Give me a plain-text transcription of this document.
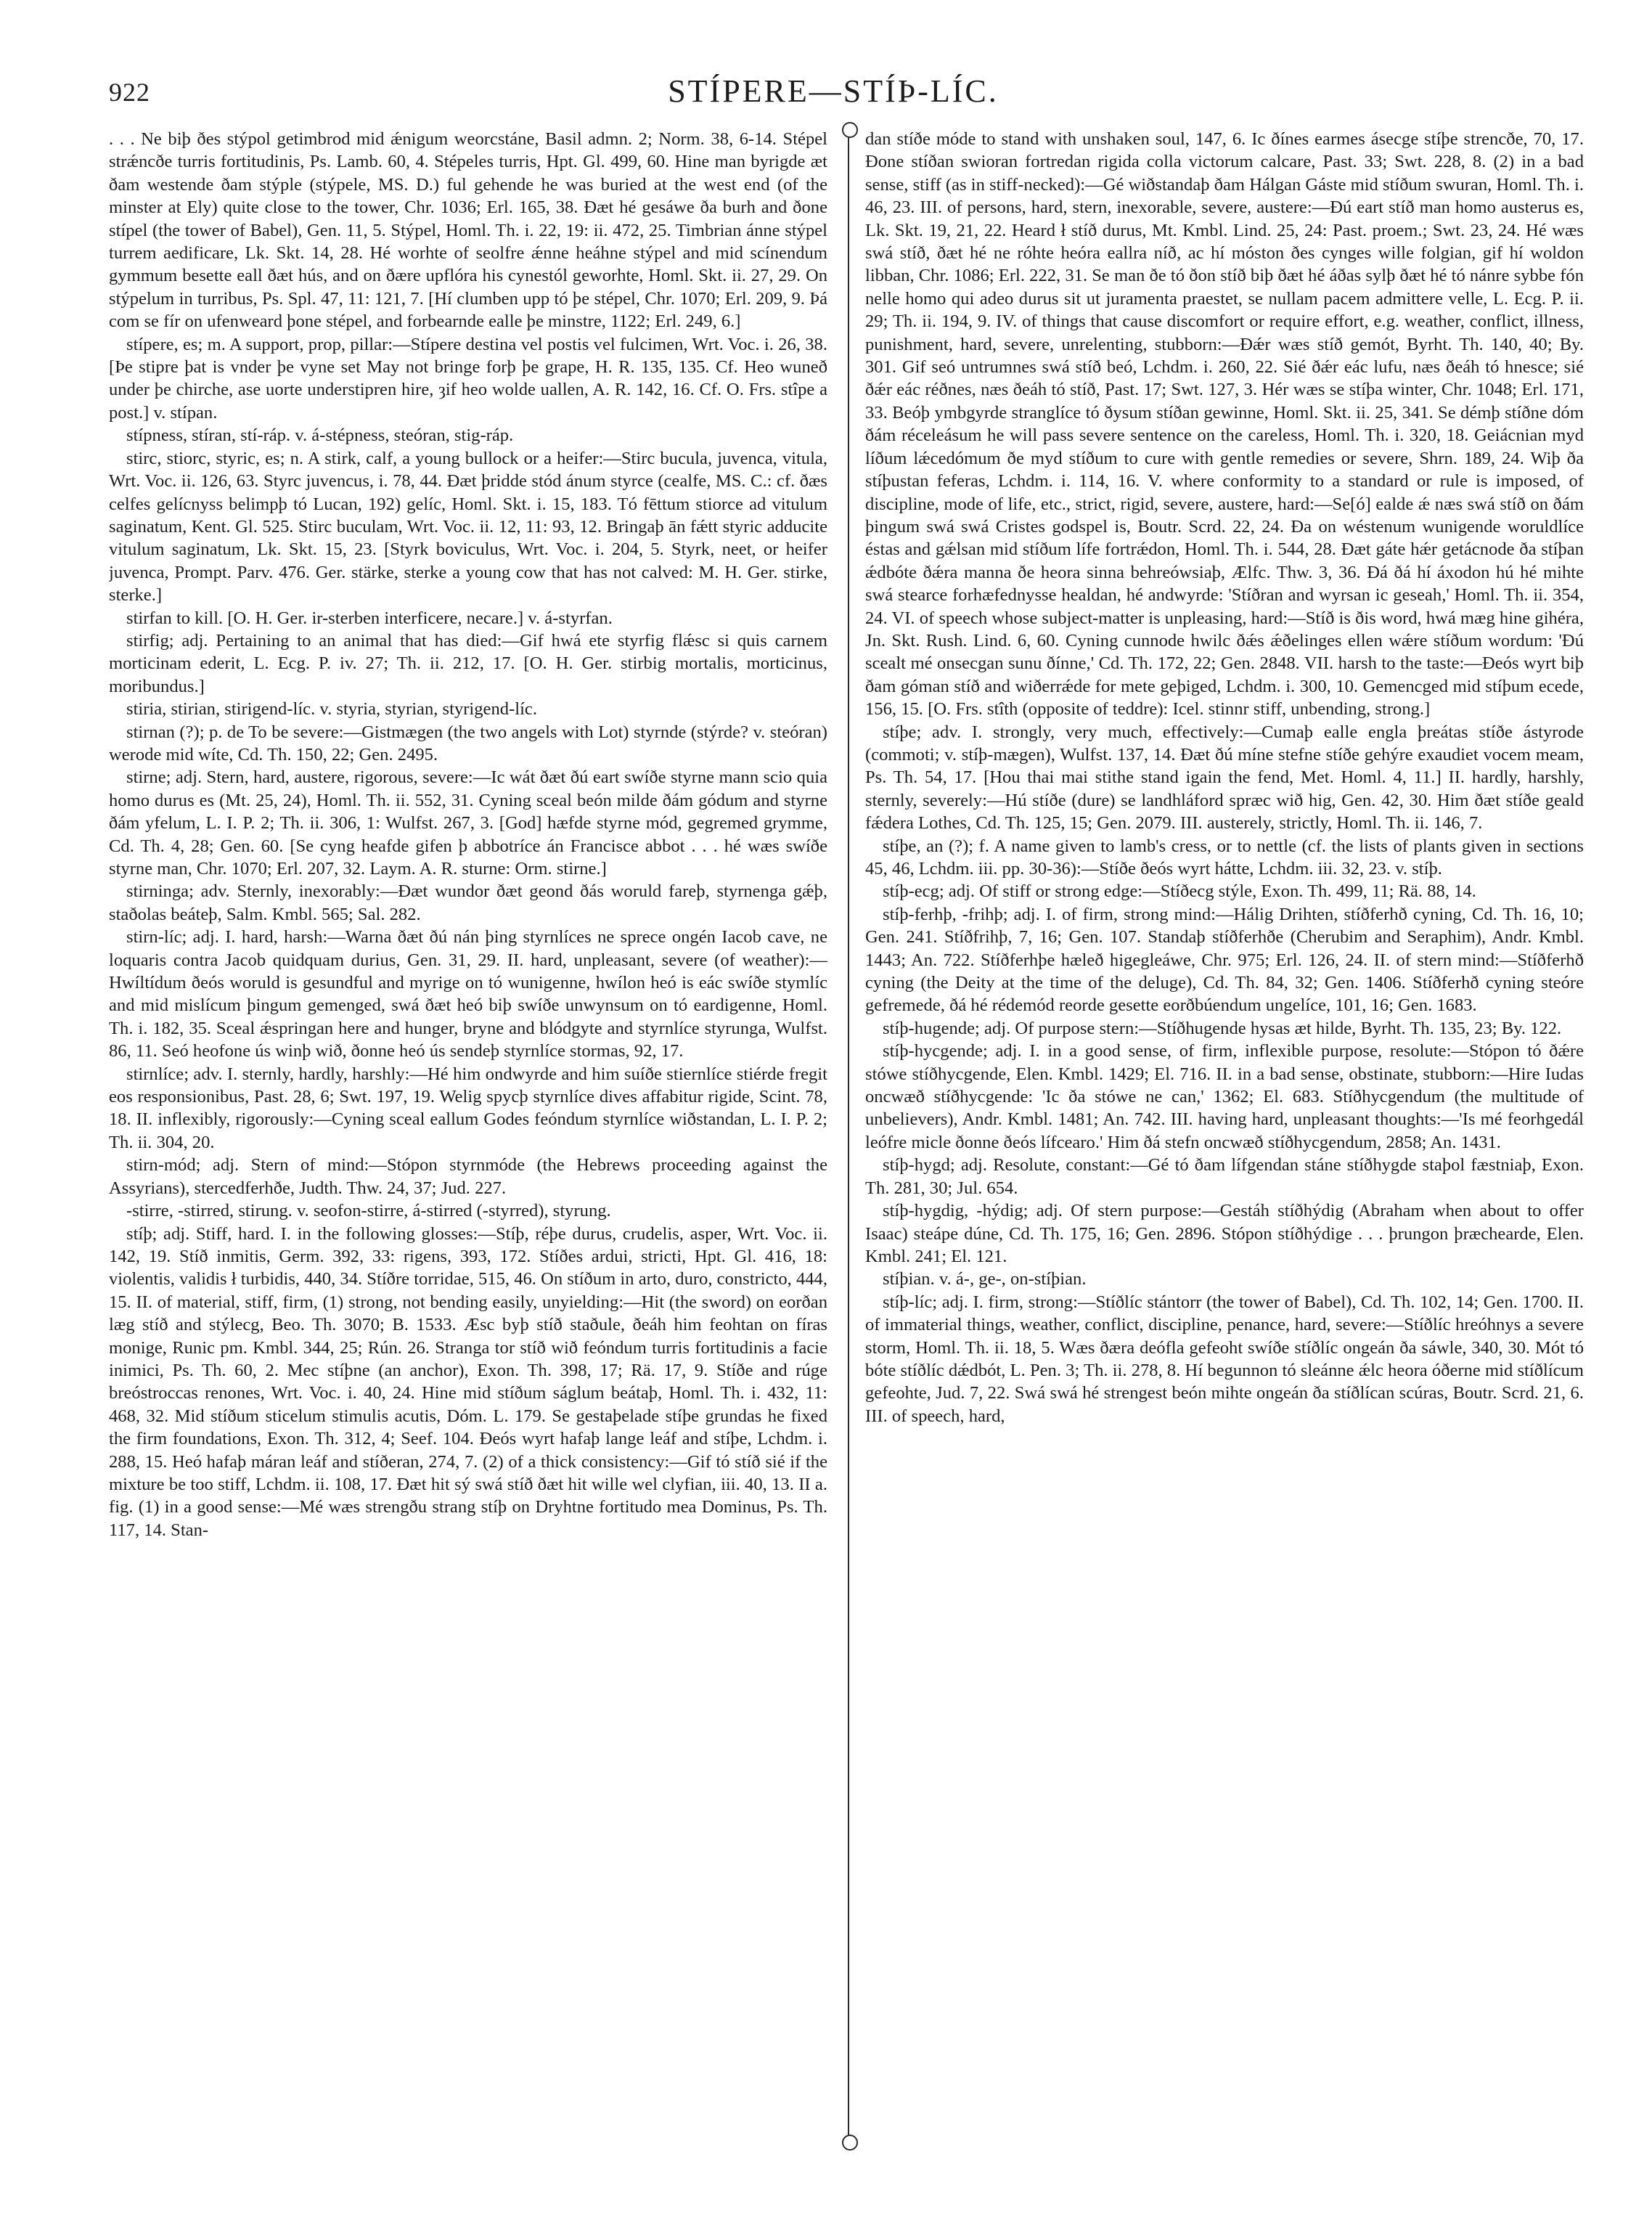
922	STÍPERE—STÍÞ-LÍC.

. . . Ne biþ ðes stýpol getimbrod mid ǽnigum weorcstáne, Basil admn. 2; Norm. 38, 6-14. Stépel strǽncðe turris fortitudinis, Ps. Lamb. 60, 4. Stépeles turris, Hpt. Gl. 499, 60. Hine man byrigde æt ðam westende ðam stýple (stýpele, MS. D.) ful gehende he was buried at the west end (of the minster at Ely) quite close to the tower, Chr. 1036; Erl. 165, 38. Ðæt hé gesáwe ða burh and ðone stípel (the tower of Babel), Gen. 11, 5. Stýpel, Homl. Th. i. 22, 19: ii. 472, 25. Timbrian ánne stýpel turrem aedificare, Lk. Skt. 14, 28. Hé worhte of seolfre ǽnne heáhne stýpel and mid scínendum gymmum besette eall ðæt hús, and on ðære upflóra his cynestól geworhte, Homl. Skt. ii. 27, 29. On stýpelum in turribus, Ps. Spl. 47, 11: 121, 7. [Hí clumben upp tó þe stépel, Chr. 1070; Erl. 209, 9. Þá com se fír on ufenweard þone stépel, and forbearnde ealle þe minstre, 1122; Erl. 249, 6.]

stípere, es; m. A support, prop, pillar:—Stípere destina vel postis vel fulcimen, Wrt. Voc. i. 26, 38. [Þe stipre þat is vnder þe vyne set May not bringe forþ þe grape, H. R. 135, 135. Cf. Heo wuneð under þe chirche, ase uorte understipren hire, ȝif heo wolde uallen, A. R. 142, 16. Cf. O. Frs. stîpe a post.] v. stípan.

stípness, stíran, stí-ráp. v. á-stépness, steóran, stig-ráp.

stirc, stiorc, styric, es; n. A stirk, calf, a young bullock or a heifer:—Stirc bucula, juvenca, vitula, Wrt. Voc. ii. 126, 63. Styrc juvencus, i. 78, 44. Ðæt þridde stód ánum styrce (cealfe, MS. C.: cf. ðæs celfes gelícnyss belimpþ tó Lucan, 192) gelíc, Homl. Skt. i. 15, 183. Tó fēttum stiorce ad vitulum saginatum, Kent. Gl. 525. Stirc buculam, Wrt. Voc. ii. 12, 11: 93, 12. Bringaþ ān fǽtt styric adducite vitulum saginatum, Lk. Skt. 15, 23. [Styrk boviculus, Wrt. Voc. i. 204, 5. Styrk, neet, or heifer juvenca, Prompt. Parv. 476. Ger. stärke, sterke a young cow that has not calved: M. H. Ger. stirke, sterke.]

stirfan to kill. [O. H. Ger. ir-sterben interficere, necare.] v. á-styrfan.

stirfig; adj. Pertaining to an animal that has died:—Gif hwá ete styrfig flǽsc si quis carnem morticinam ederit, L. Ecg. P. iv. 27; Th. ii. 212, 17. [O. H. Ger. stirbig mortalis, morticinus, moribundus.]

stiria, stirian, stirigend-líc. v. styria, styrian, styrigend-líc.

stirnan (?); p. de To be severe:—Gistmægen (the two angels with Lot) styrnde (stýrde? v. steóran) werode mid wíte, Cd. Th. 150, 22; Gen. 2495.

stirne; adj. Stern, hard, austere, rigorous, severe:—Ic wát ðæt ðú eart swíðe styrne mann scio quia homo durus es (Mt. 25, 24), Homl. Th. ii. 552, 31. Cyning sceal beón milde ðám gódum and styrne ðám yfelum, L. I. P. 2; Th. ii. 306, 1: Wulfst. 267, 3. [God] hæfde styrne mód, gegremed grymme, Cd. Th. 4, 28; Gen. 60. [Se cyng heafde gifen þ abbotríce án Francisce abbot . . . hé wæs swíðe styrne man, Chr. 1070; Erl. 207, 32. Laym. A. R. sturne: Orm. stirne.]

stirninga; adv. Sternly, inexorably:—Ðæt wundor ðæt geond ðás woruld fareþ, styrnenga gǽþ, staðolas beáteþ, Salm. Kmbl. 565; Sal. 282.

stirn-líc; adj. I. hard, harsh:—Warna ðæt ðú nán þing styrnlíces ne sprece ongén Iacob cave, ne loquaris contra Jacob quidquam durius, Gen. 31, 29. II. hard, unpleasant, severe (of weather):—Hwíltídum ðeós woruld is gesundful and myrige on tó wunigenne, hwílon heó is eác swíðe stymlíc and mid mislícum þingum gemenged, swá ðæt heó biþ swíðe unwynsum on tó eardigenne, Homl. Th. i. 182, 35. Sceal ǽspringan here and hunger, bryne and blódgyte and styrnlíce styrunga, Wulfst. 86, 11. Seó heofone ús winþ wið, ðonne heó ús sendeþ styrnlíce stormas, 92, 17.

stirnlíce; adv. I. sternly, hardly, harshly:—Hé him ondwyrde and him suíðe stiernlíce stiérde fregit eos responsionibus, Past. 28, 6; Swt. 197, 19. Welig spycþ styrnlíce dives affabitur rigide, Scint. 78, 18. II. inflexibly, rigorously:—Cyning sceal eallum Godes feóndum styrnlíce wiðstandan, L. I. P. 2; Th. ii. 304, 20.

stirn-mód; adj. Stern of mind:—Stópon styrnmóde (the Hebrews proceeding against the Assyrians), stercedferhðe, Judth. Thw. 24, 37; Jud. 227.

-stirre, -stirred, stirung. v. seofon-stirre, á-stirred (-styrred), styrung.

stíþ; adj. Stiff, hard. I. in the following glosses:—Stíþ, réþe durus, crudelis, asper, Wrt. Voc. ii. 142, 19. Stíð inmitis, Germ. 392, 33: rigens, 393, 172. Stíðes ardui, stricti, Hpt. Gl. 416, 18: violentis, validis ł turbidis, 440, 34. Stíðre torridae, 515, 46. On stíðum in arto, duro, constricto, 444, 15. II. of material, stiff, firm, (1) strong, not bending easily, unyielding:—Hit (the sword) on eorðan læg stíð and stýlecg, Beo. Th. 3070; B. 1533. Æsc byþ stíð staðule, ðeáh him feohtan on fíras monige, Runic pm. Kmbl. 344, 25; Rún. 26. Stranga tor stíð wið feóndum turris fortitudinis a facie inimici, Ps. Th. 60, 2. Mec stíþne (an anchor), Exon. Th. 398, 17; Rä. 17, 9. Stíðe and rúge breóstroccas renones, Wrt. Voc. i. 40, 24. Hine mid stíðum ságlum beátaþ, Homl. Th. i. 432, 11: 468, 32. Mid stíðum sticelum stimulis acutis, Dóm. L. 179. Se gestaþelade stíþe grundas he fixed the firm foundations, Exon. Th. 312, 4; Seef. 104. Ðeós wyrt hafaþ lange leáf and stíþe, Lchdm. i. 288, 15. Heó hafaþ máran leáf and stíðeran, 274, 7. (2) of a thick consistency:—Gif tó stíð sié if the mixture be too stiff, Lchdm. ii. 108, 17. Ðæt hit sý swá stíð ðæt hit wille wel clyfian, iii. 40, 13. II a. fig. (1) in a good sense:—Mé wæs strengðu strang stíþ on Dryhtne fortitudo mea Dominus, Ps. Th. 117, 14. Stan-

dan stíðe móde to stand with unshaken soul, 147, 6. Ic ðínes earmes ásecge stíþe strencðe, 70, 17. Ðone stíðan swioran fortredan rigida colla victorum calcare, Past. 33; Swt. 228, 8. (2) in a bad sense, stiff (as in stiff-necked):—Gé wiðstandaþ ðam Hálgan Gáste mid stíðum swuran, Homl. Th. i. 46, 23. III. of persons, hard, stern, inexorable, severe, austere:—Ðú eart stíð man homo austerus es, Lk. Skt. 19, 21, 22. Heard ł stíð durus, Mt. Kmbl. Lind. 25, 24: Past. proem.; Swt. 23, 24. Hé wæs swá stíð, ðæt hé ne róhte heóra eallra níð, ac hí móston ðes cynges wille folgian, gif hí woldon libban, Chr. 1086; Erl. 222, 31. Se man ðe tó ðon stíð biþ ðæt hé áðas sylþ ðæt hé tó nánre sybbe fón nelle homo qui adeo durus sit ut juramenta praestet, se nullam pacem admittere velle, L. Ecg. P. ii. 29; Th. ii. 194, 9. IV. of things that cause discomfort or require effort, e.g. weather, conflict, illness, punishment, hard, severe, unrelenting, stubborn:—Ðǽr wæs stíð gemót, Byrht. Th. 140, 40; By. 301. Gif seó untrumnes swá stíð beó, Lchdm. i. 260, 22. Sié ðǽr eác lufu, næs ðeáh tó hnesce; sié ðǽr eác réðnes, næs ðeáh tó stíð, Past. 17; Swt. 127, 3. Hér wæs se stíþa winter, Chr. 1048; Erl. 171, 33. Beóþ ymbgyrde stranglíce tó ðysum stíðan gewinne, Homl. Skt. ii. 25, 341. Se démþ stíðne dóm ðám réceleásum he will pass severe sentence on the careless, Homl. Th. i. 320, 18. Geiácnian myd líðum lǽcedómum ðe myd stíðum to cure with gentle remedies or severe, Shrn. 189, 24. Wiþ ða stíþustan feferas, Lchdm. i. 114, 16. V. where conformity to a standard or rule is imposed, of discipline, mode of life, etc., strict, rigid, severe, austere, hard:—Se[ó] ealde ǽ næs swá stíð on ðám þingum swá swá Cristes godspel is, Boutr. Scrd. 22, 24. Ða on wéstenum wunigende woruldlíce éstas and gǽlsan mid stíðum lífe fortrǽdon, Homl. Th. i. 544, 28. Ðæt gáte hǽr getácnode ða stíþan ǽdbóte ðǽra manna ðe heora sinna behreówsiaþ, Ælfc. Thw. 3, 36. Ðá ðá hí áxodon hú hé mihte swá stearce forhæfednysse healdan, hé andwyrde: 'Stíðran and wyrsan ic geseah,' Homl. Th. ii. 354, 24. VI. of speech whose subject-matter is unpleasing, hard:—Stíð is ðis word, hwá mæg hine gihéra, Jn. Skt. Rush. Lind. 6, 60. Cyning cunnode hwilc ðǽs ǽðelinges ellen wǽre stíðum wordum: 'Ðú scealt mé onsecgan sunu ðínne,' Cd. Th. 172, 22; Gen. 2848. VII. harsh to the taste:—Ðeós wyrt biþ ðam góman stíð and wiðerrǽde for mete geþiged, Lchdm. i. 300, 10. Gemencged mid stíþum ecede, 156, 15. [O. Frs. stîth (opposite of teddre): Icel. stinnr stiff, unbending, strong.]

stíþe; adv. I. strongly, very much, effectively:—Cumaþ ealle engla þreátas stíðe ástyrode (commoti; v. stíþ-mægen), Wulfst. 137, 14. Ðæt ðú míne stefne stíðe gehýre exaudiet vocem meam, Ps. Th. 54, 17. [Hou thai mai stithe stand igain the fend, Met. Homl. 4, 11.] II. hardly, harshly, sternly, severely:—Hú stíðe (dure) se landhláford spræc wið hig, Gen. 42, 30. Him ðæt stíðe geald fǽdera Lothes, Cd. Th. 125, 15; Gen. 2079. III. austerely, strictly, Homl. Th. ii. 146, 7.

stíþe, an (?); f. A name given to lamb's cress, or to nettle (cf. the lists of plants given in sections 45, 46, Lchdm. iii. pp. 30-36):—Stíðe ðeós wyrt hátte, Lchdm. iii. 32, 23. v. stíþ.

stíþ-ecg; adj. Of stiff or strong edge:—Stíðecg stýle, Exon. Th. 499, 11; Rä. 88, 14.

stíþ-ferhþ, -frihþ; adj. I. of firm, strong mind:—Hálig Drihten, stíðferhð cyning, Cd. Th. 16, 10; Gen. 241. Stíðfrihþ, 7, 16; Gen. 107. Standaþ stíðferhðe (Cherubim and Seraphim), Andr. Kmbl. 1443; An. 722. Stíðferhþe hæleð higegleáwe, Chr. 975; Erl. 126, 24. II. of stern mind:—Stíðferhð cyning (the Deity at the time of the deluge), Cd. Th. 84, 32; Gen. 1406. Stíðferhð cyning steóre gefremede, ðá hé rédemód reorde gesette eorðbúendum ungelíce, 101, 16; Gen. 1683.

stíþ-hugende; adj. Of purpose stern:—Stíðhugende hysas æt hilde, Byrht. Th. 135, 23; By. 122.

stíþ-hycgende; adj. I. in a good sense, of firm, inflexible purpose, resolute:—Stópon tó ðǽre stówe stíðhycgende, Elen. Kmbl. 1429; El. 716. II. in a bad sense, obstinate, stubborn:—Hire Iudas oncwæð stíðhycgende: 'Ic ða stówe ne can,' 1362; El. 683. Stíðhycgendum (the multitude of unbelievers), Andr. Kmbl. 1481; An. 742. III. having hard, unpleasant thoughts:—'Is mé feorhgedál leófre micle ðonne ðeós lífcearo.' Him ðá stefn oncwæð stíðhycgendum, 2858; An. 1431.

stíþ-hygd; adj. Resolute, constant:—Gé tó ðam lífgendan stáne stíðhygde staþol fæstniaþ, Exon. Th. 281, 30; Jul. 654.

stíþ-hygdig, -hýdig; adj. Of stern purpose:—Gestáh stíðhýdig (Abraham when about to offer Isaac) steápe dúne, Cd. Th. 175, 16; Gen. 2896. Stópon stíðhýdige . . . þrungon þræchearde, Elen. Kmbl. 241; El. 121.

stíþian. v. á-, ge-, on-stíþian.

stíþ-líc; adj. I. firm, strong:—Stíðlíc stántorr (the tower of Babel), Cd. Th. 102, 14; Gen. 1700. II. of immaterial things, weather, conflict, discipline, penance, hard, severe:—Stíðlíc hreóhnys a severe storm, Homl. Th. ii. 18, 5. Wæs ðæra deófla gefeoht swíðe stíðlíc ongeán ða sáwle, 340, 30. Mót tó bóte stíðlíc dǽdbót, L. Pen. 3; Th. ii. 278, 8. Hí begunnon tó sleánne ǽlc heora óðerne mid stíðlícum gefeohte, Jud. 7, 22. Swá swá hé strengest beón mihte ongeán ða stíðlícan scúras, Boutr. Scrd. 21, 6. III. of speech, hard,
